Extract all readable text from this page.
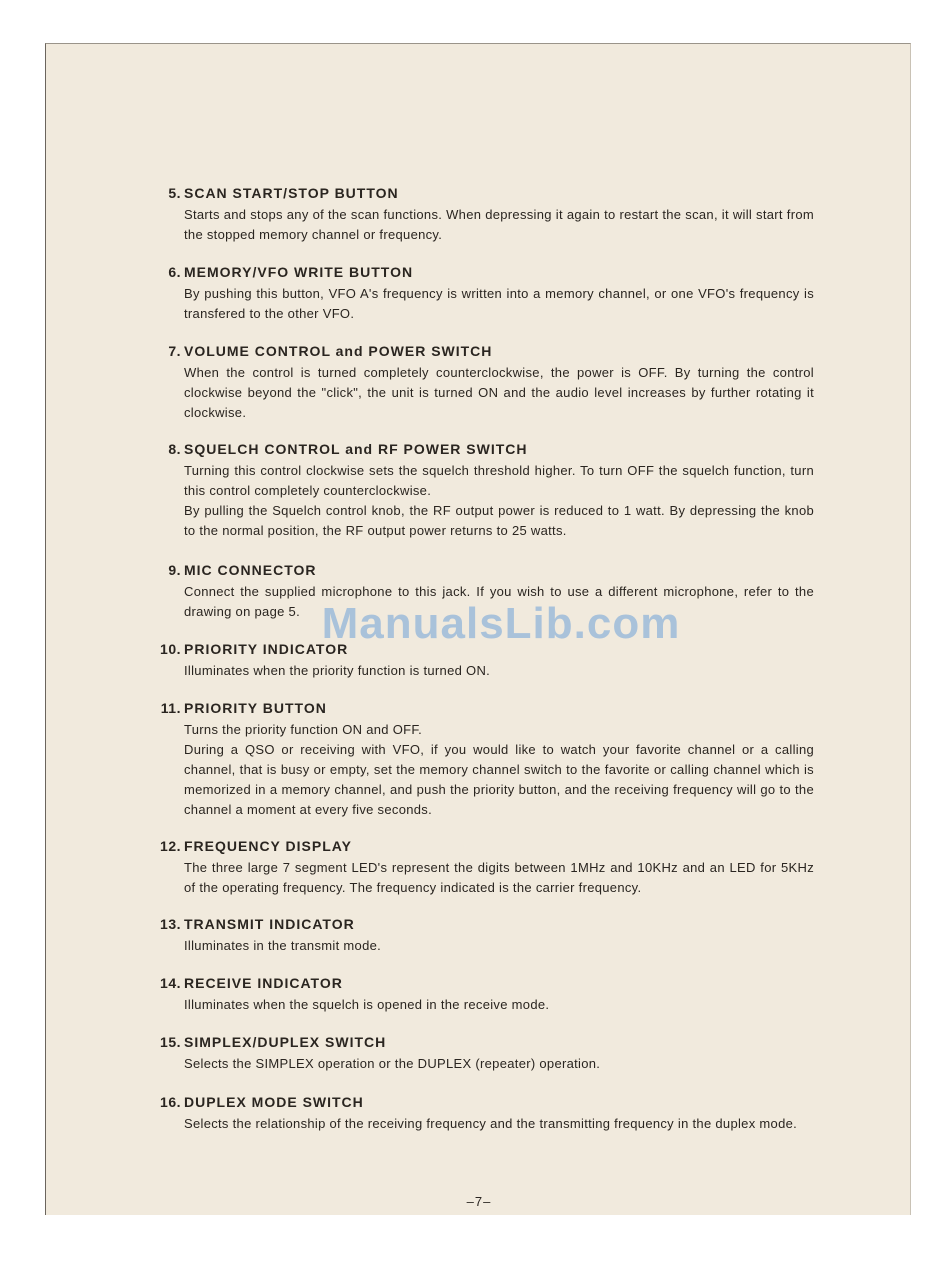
5. SCAN START/STOP BUTTON

Starts and stops any of the scan functions. When depressing it again to restart the scan, it will start from the stopped memory channel or frequency.

6. MEMORY/VFO WRITE BUTTON

By pushing this button, VFO A's frequency is written into a memory channel, or one VFO's frequency is transfered to the other VFO.

7. VOLUME CONTROL and POWER SWITCH

When the control is turned completely counterclockwise, the power is OFF. By turning the control clockwise beyond the "click", the unit is turned ON and the audio level increases by further rotating it clockwise.

8. SQUELCH CONTROL and RF POWER SWITCH

Turning this control clockwise sets the squelch threshold higher. To turn OFF the squelch function, turn this control completely counterclockwise.

By pulling the Squelch control knob, the RF output power is reduced to 1 watt. By depressing the knob to the normal position, the RF output power returns to 25 watts.

9. MIC CONNECTOR

Connect the supplied microphone to this jack. If you wish to use a different microphone, refer to the drawing on page 5.

10. PRIORITY INDICATOR

Illuminates when the priority function is turned ON.

11. PRIORITY BUTTON

Turns the priority function ON and OFF.

During a QSO or receiving with VFO, if you would like to watch your favorite channel or a calling channel, that is busy or empty, set the memory channel switch to the favorite or calling channel which is memorized in a memory channel, and push the priority button, and the receiving frequency will go to the channel a moment at every five seconds.

12. FREQUENCY DISPLAY

The three large 7 segment LED's represent the digits between 1MHz and 10KHz and an LED for 5KHz of the operating frequency. The frequency indicated is the carrier frequency.

13. TRANSMIT INDICATOR

Illuminates in the transmit mode.

14. RECEIVE INDICATOR

Illuminates when the squelch is opened in the receive mode.

15. SIMPLEX/DUPLEX SWITCH

Selects the SIMPLEX operation or the DUPLEX (repeater) operation.

16. DUPLEX MODE SWITCH

Selects the relationship of the receiving frequency and the transmitting frequency in the duplex mode.

–7–
ManualsLib.com
